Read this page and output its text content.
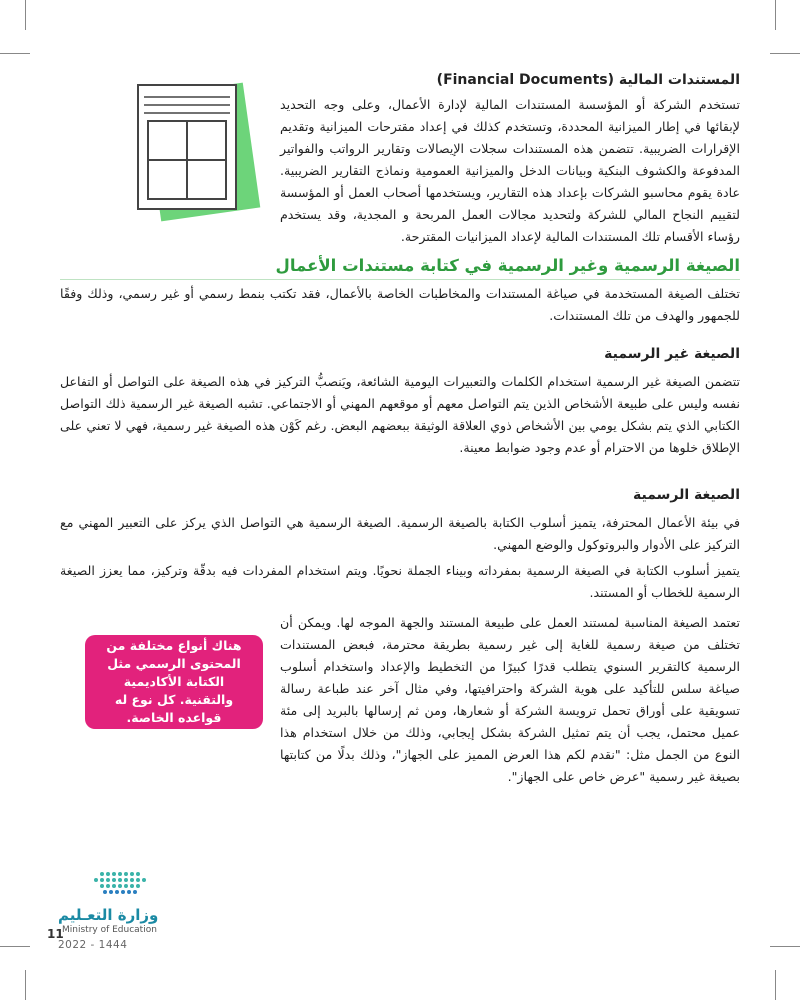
المستندات المالية (Financial Documents)
تستخدم الشركة أو المؤسسة المستندات المالية لإدارة الأعمال، وعلى وجه التحديد لإبقائها في إطار الميزانية المحددة، وتستخدم كذلك في إعداد مقترحات الميزانية وتقديم الإقرارات الضريبية. تتضمن هذه المستندات سجلات الإيصالات وتقارير الرواتب والفواتير المدفوعة والكشوف البنكية وبيانات الدخل والميزانية العمومية ونماذج التقارير الضريبية. عادة يقوم محاسبو الشركات بإعداد هذه التقارير، ويستخدمها أصحاب العمل أو المؤسسة لتقييم النجاح المالي للشركة ولتحديد مجالات العمل المربحة و المجدية، وقد يستخدم رؤساء الأقسام تلك المستندات المالية لإعداد الميزانيات المقترحة.
الصيغة الرسمية وغير الرسمية في كتابة مستندات الأعمال
تختلف الصيغة المستخدمة في صياغة المستندات والمخاطبات الخاصة بالأعمال، فقد تكتب بنمط رسمي أو غير رسمي، وذلك وفقًا للجمهور والهدف من تلك المستندات.
الصيغة غير الرسمية
تتضمن الصيغة غير الرسمية استخدام الكلمات والتعبيرات اليومية الشائعة، ويَنصبُّ التركيز في هذه الصيغة على التواصل أو التفاعل نفسه وليس على طبيعة الأشخاص الذين يتم التواصل معهم أو موقعهم المهني أو الاجتماعي. تشبه الصيغة غير الرسمية ذلك التواصل الكتابي الذي يتم بشكل يومي بين الأشخاص ذوي العلاقة الوثيقة ببعضهم البعض. رغم كَوْن هذه الصيغة غير رسمية، فهي لا تعني على الإطلاق خلوها من الاحترام أو عدم وجود ضوابط معينة.
الصيغة الرسمية
في بيئة الأعمال المحترفة، يتميز أسلوب الكتابة بالصيغة الرسمية. الصيغة الرسمية هي التواصل الذي يركز على التعبير المهني مع التركيز على الأدوار والبروتوكول والوضع المهني.
يتميز أسلوب الكتابة في الصيغة الرسمية بمفرداته وبيناء الجملة نحويًا. ويتم استخدام المفردات فيه بدقّة وتركيز، مما يعزز الصيغة الرسمية للخطاب أو المستند.
تعتمد الصيغة المناسبة لمستند العمل على طبيعة المستند والجهة الموجه لها. ويمكن أن تختلف من صيغة رسمية للغاية إلى غير رسمية بطريقة محترمة، فبعض المستندات الرسمية كالتقرير السنوي يتطلب قدرًا كبيرًا من التخطيط والإعداد واستخدام أسلوب صياغة سلس للتأكيد على هوية الشركة واحترافيتها، وفي مثال آخر عند طباعة رسالة تسويقية على أوراق تحمل ترويسة الشركة أو شعارها، ومن ثم إرسالها بالبريد إلى مئة عميل محتمل، يجب أن يتم تمثيل الشركة بشكل إيجابي، وذلك من خلال استخدام هذا النوع من الجمل مثل: "نقدم لكم هذا العرض المميز على الجهاز"، وذلك بدلًا من كتابتها بصيغة غير رسمية "عرض خاص على الجهاز".
هناك أنواع مختلفة من المحتوى الرسمي مثل الكتابة الأكاديمية والتقنية. كل نوع له قواعده الخاصة.
وزارة التعـليم
Ministry of Education
11
2022 - 1444
